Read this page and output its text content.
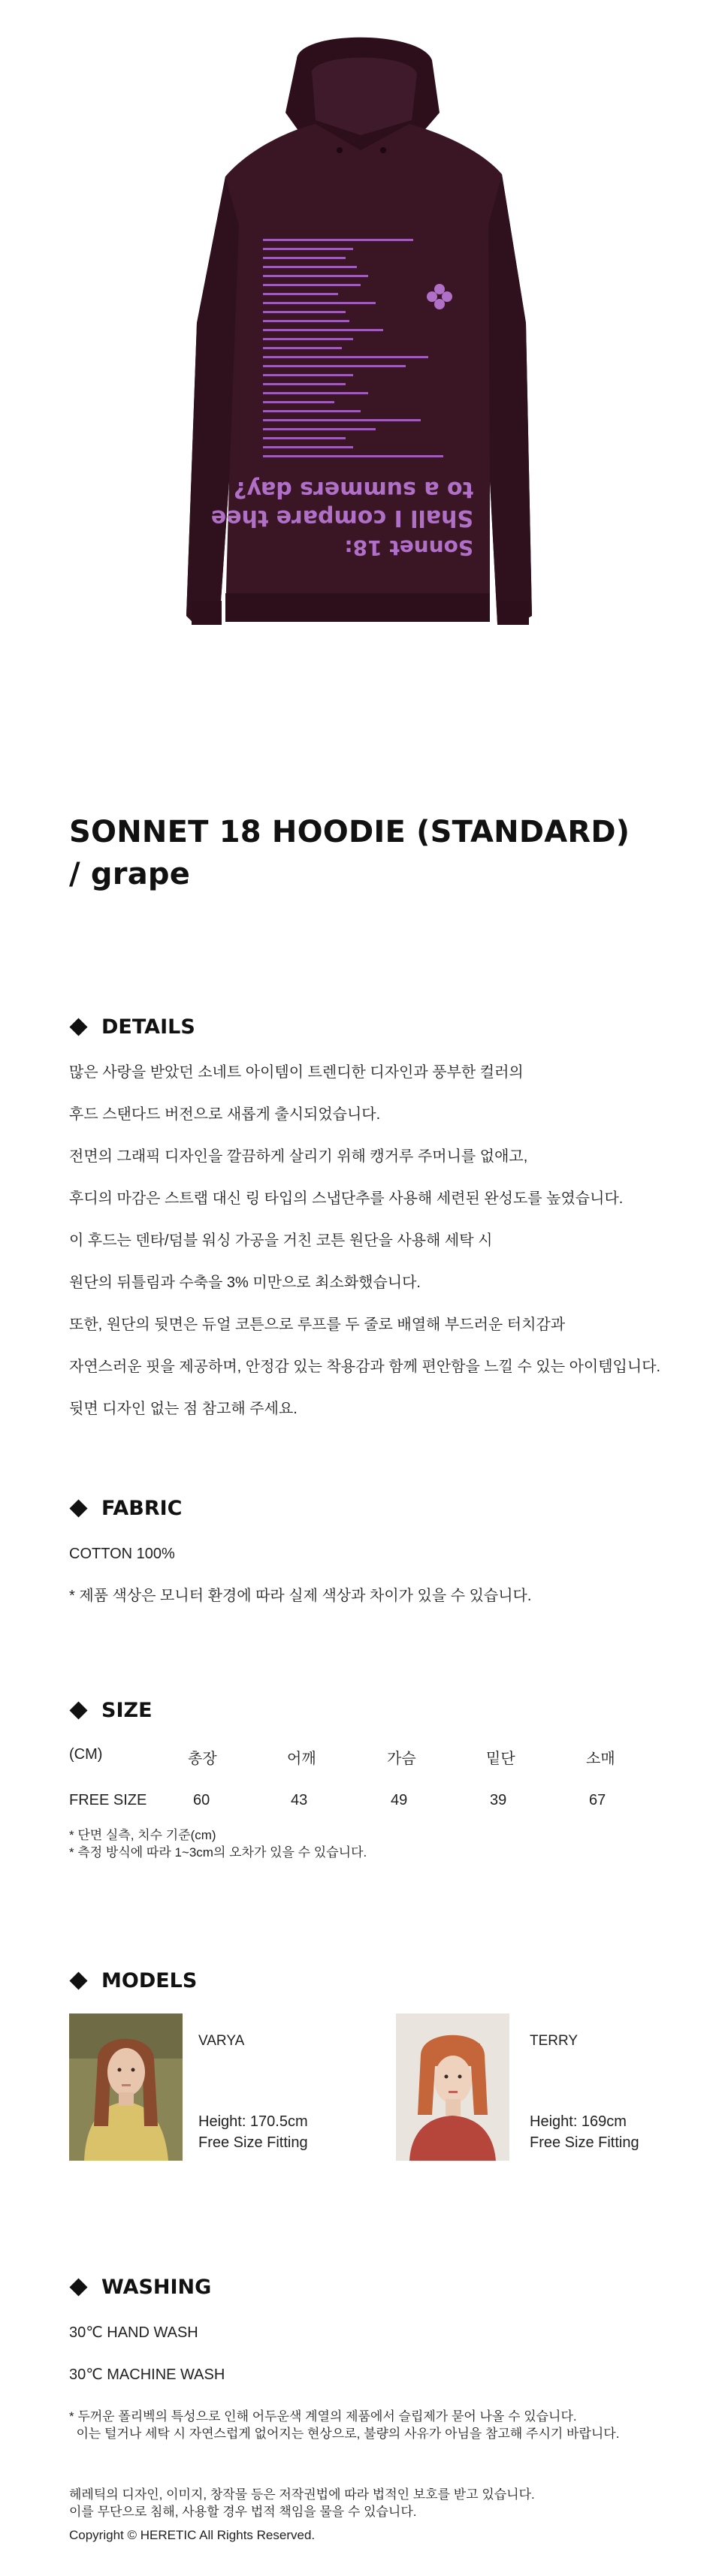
Shall I compare thee
to a summers day?
Sonnet 18:
SONNET 18 HOODIE (STANDARD)
/ grape
DETAILS
많은 사랑을 받았던 소네트 아이템이 트렌디한 디자인과 풍부한 컬러의
후드 스탠다드 버전으로 새롭게 출시되었습니다.
전면의 그래픽 디자인을 깔끔하게 살리기 위해 캥거루 주머니를 없애고,
후디의 마감은 스트랩 대신 링 타입의 스냅단추를 사용해 세련된 완성도를 높였습니다.
이 후드는 덴타/덤블 워싱 가공을 거친 코튼 원단을 사용해 세탁 시
원단의 뒤틀림과 수축을 3% 미만으로 최소화했습니다.
또한, 원단의 뒷면은 듀얼 코튼으로 루프를 두 줄로 배열해 부드러운 터치감과
자연스러운 핏을 제공하며, 안정감 있는 착용감과 함께 편안함을 느낄 수 있는 아이템입니다.
뒷면 디자인 없는 점 참고해 주세요.
FABRIC
COTTON 100%
* 제품 색상은 모니터 환경에 따라 실제 색상과 차이가 있을 수 있습니다.
SIZE
(CM)	총장	어깨	가슴	밑단	소매
FREE SIZE	60	43	49	39	67
* 단면 실측, 치수 기준(cm)
* 측정 방식에 따라 1~3cm의 오차가 있을 수 있습니다.
MODELS
VARYA
Height: 170.5cm
Free Size Fitting
TERRY
Height: 169cm
Free Size Fitting
WASHING
30℃ HAND WASH
30℃ MACHINE WASH
* 두꺼운 폴리벡의 특성으로 인해 어두운색 계열의 제품에서 슬립제가 묻어 나올 수 있습니다.
이는 털거나 세탁 시 자연스럽게 없어지는 현상으로, 불량의 사유가 아님을 참고해 주시기 바랍니다.
헤레틱의 디자인, 이미지, 창작물 등은 저작권법에 따라 법적인 보호를 받고 있습니다.
이를 무단으로 침해, 사용할 경우 법적 책임을 물을 수 있습니다.
Copyright © HERETIC All Rights Reserved.
